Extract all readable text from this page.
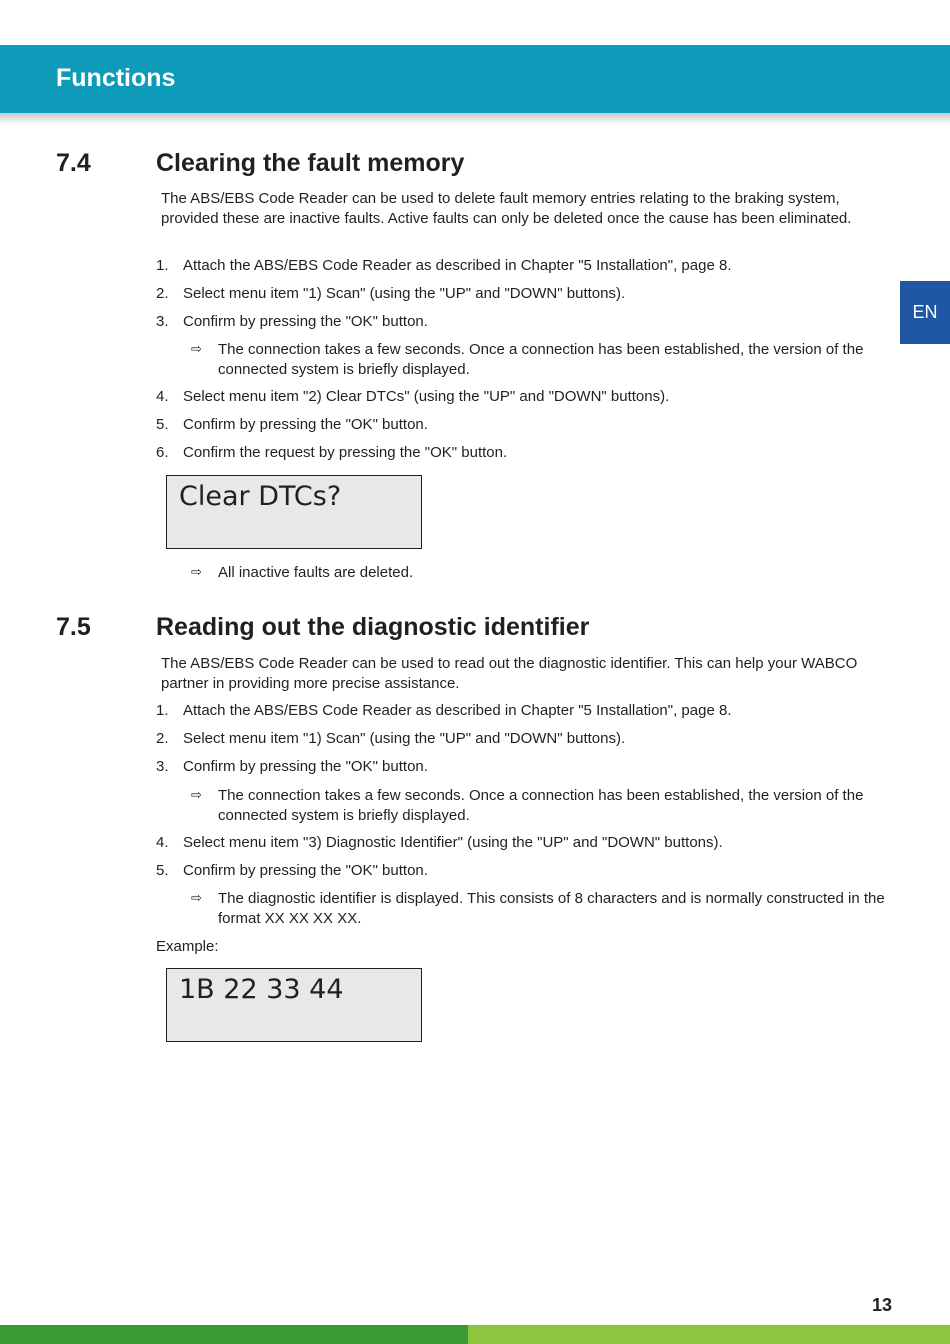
Functions
EN
7.4	Clearing the fault memory
The ABS/EBS Code Reader can be used to delete fault memory entries relating to the braking system, provided these are inactive faults. Active faults can only be deleted once the cause has been eliminated.
1. Attach the ABS/EBS Code Reader as described in Chapter "5 Installation", page 8.
2. Select menu item "1) Scan" (using the "UP" and "DOWN" buttons).
3. Confirm by pressing the "OK" button.
⇨ The connection takes a few seconds. Once a connection has been established, the version of the connected system is briefly displayed.
4. Select menu item "2) Clear DTCs" (using the "UP" and "DOWN" buttons).
5. Confirm by pressing the "OK" button.
6. Confirm the request by pressing the "OK" button.
Clear DTCs?
⇨ All inactive faults are deleted.
7.5	Reading out the diagnostic identifier
The ABS/EBS Code Reader can be used to read out the diagnostic identifier. This can help your WABCO partner in providing more precise assistance.
1. Attach the ABS/EBS Code Reader as described in Chapter "5 Installation", page 8.
2. Select menu item "1) Scan" (using the "UP" and "DOWN" buttons).
3. Confirm by pressing the "OK" button.
⇨ The connection takes a few seconds. Once a connection has been established, the version of the connected system is briefly displayed.
4. Select menu item "3) Diagnostic Identifier" (using the "UP" and "DOWN" buttons).
5. Confirm by pressing the "OK" button.
⇨ The diagnostic identifier is displayed. This consists of 8 characters and is normally constructed in the format XX XX XX XX.
Example:
1B 22 33 44
13
